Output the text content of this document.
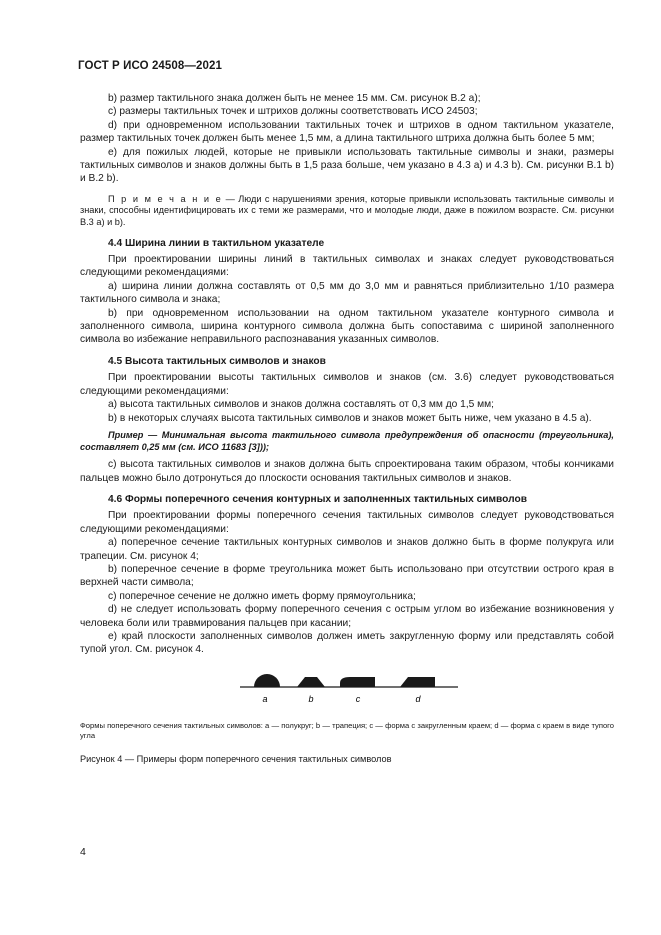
ГОСТ Р ИСО 24508—2021

b) размер тактильного знака должен быть не менее 15 мм. См. рисунок B.2 a);

c) размеры тактильных точек и штрихов должны соответствовать ИСО 24503;

d) при одновременном использовании тактильных точек и штрихов в одном тактильном указателе, размер тактильных точек должен быть менее 1,5 мм, а длина тактильного штриха должна быть более 5 мм;

e) для пожилых людей, которые не привыкли использовать тактильные символы и знаки, размеры тактильных символов и знаков должны быть в 1,5 раза больше, чем указано в 4.3 a) и 4.3 b). См. рисунки B.1 b) и B.2 b).

П р и м е ч а н и е — Люди с нарушениями зрения, которые привыкли использовать тактильные символы и знаки, способны идентифицировать их с теми же размерами, что и молодые люди, даже в пожилом возрасте. См. рисунки B.3 a) и b).

4.4 Ширина линии в тактильном указателе

При проектировании ширины линий в тактильных символах и знаках следует руководствоваться следующими рекомендациями:

a) ширина линии должна составлять от 0,5 мм до 3,0 мм и равняться приблизительно 1/10 размера тактильного символа и знака;

b) при одновременном использовании на одном тактильном указателе контурного символа и заполненного символа, ширина контурного символа должна быть сопоставима с шириной заполненного символа во избежание неправильного распознавания указанных символов.

4.5 Высота тактильных символов и знаков

При проектировании высоты тактильных символов и знаков (см. 3.6) следует руководствоваться следующими рекомендациями:

a) высота тактильных символов и знаков должна составлять от 0,3 мм до 1,5 мм;

b) в некоторых случаях высота тактильных символов и знаков может быть ниже, чем указано в 4.5 a).

Пример — Минимальная высота тактильного символа предупреждения об опасности (треугольника), составляет 0,25 мм (см. ИСО 11683 [3]));

c) высота тактильных символов и знаков должна быть спроектирована таким образом, чтобы кончиками пальцев можно было дотронуться до плоскости основания тактильных символов и знаков.

4.6 Формы поперечного сечения контурных и заполненных тактильных символов

При проектировании формы поперечного сечения тактильных символов следует руководствоваться следующими рекомендациями:

a) поперечное сечение тактильных контурных символов и знаков должно быть в форме полукруга или трапеции. См. рисунок 4;

b) поперечное сечение в форме треугольника может быть использовано при отсутствии острого края в верхней части символа;

c) поперечное сечение не должно иметь форму прямоугольника;

d) не следует использовать форму поперечного сечения с острым углом во избежание возникновения у человека боли или травмирования пальцев при касании;

e) край плоскости заполненных символов должен иметь закругленную форму или представлять собой тупой угол. См. рисунок 4.

a	b	c	d

Формы поперечного сечения тактильных символов: a — полукруг; b — трапеция; c — форма с закругленным краем; d — форма с краем в виде тупого угла

Рисунок 4 — Примеры форм поперечного сечения тактильных символов

4
